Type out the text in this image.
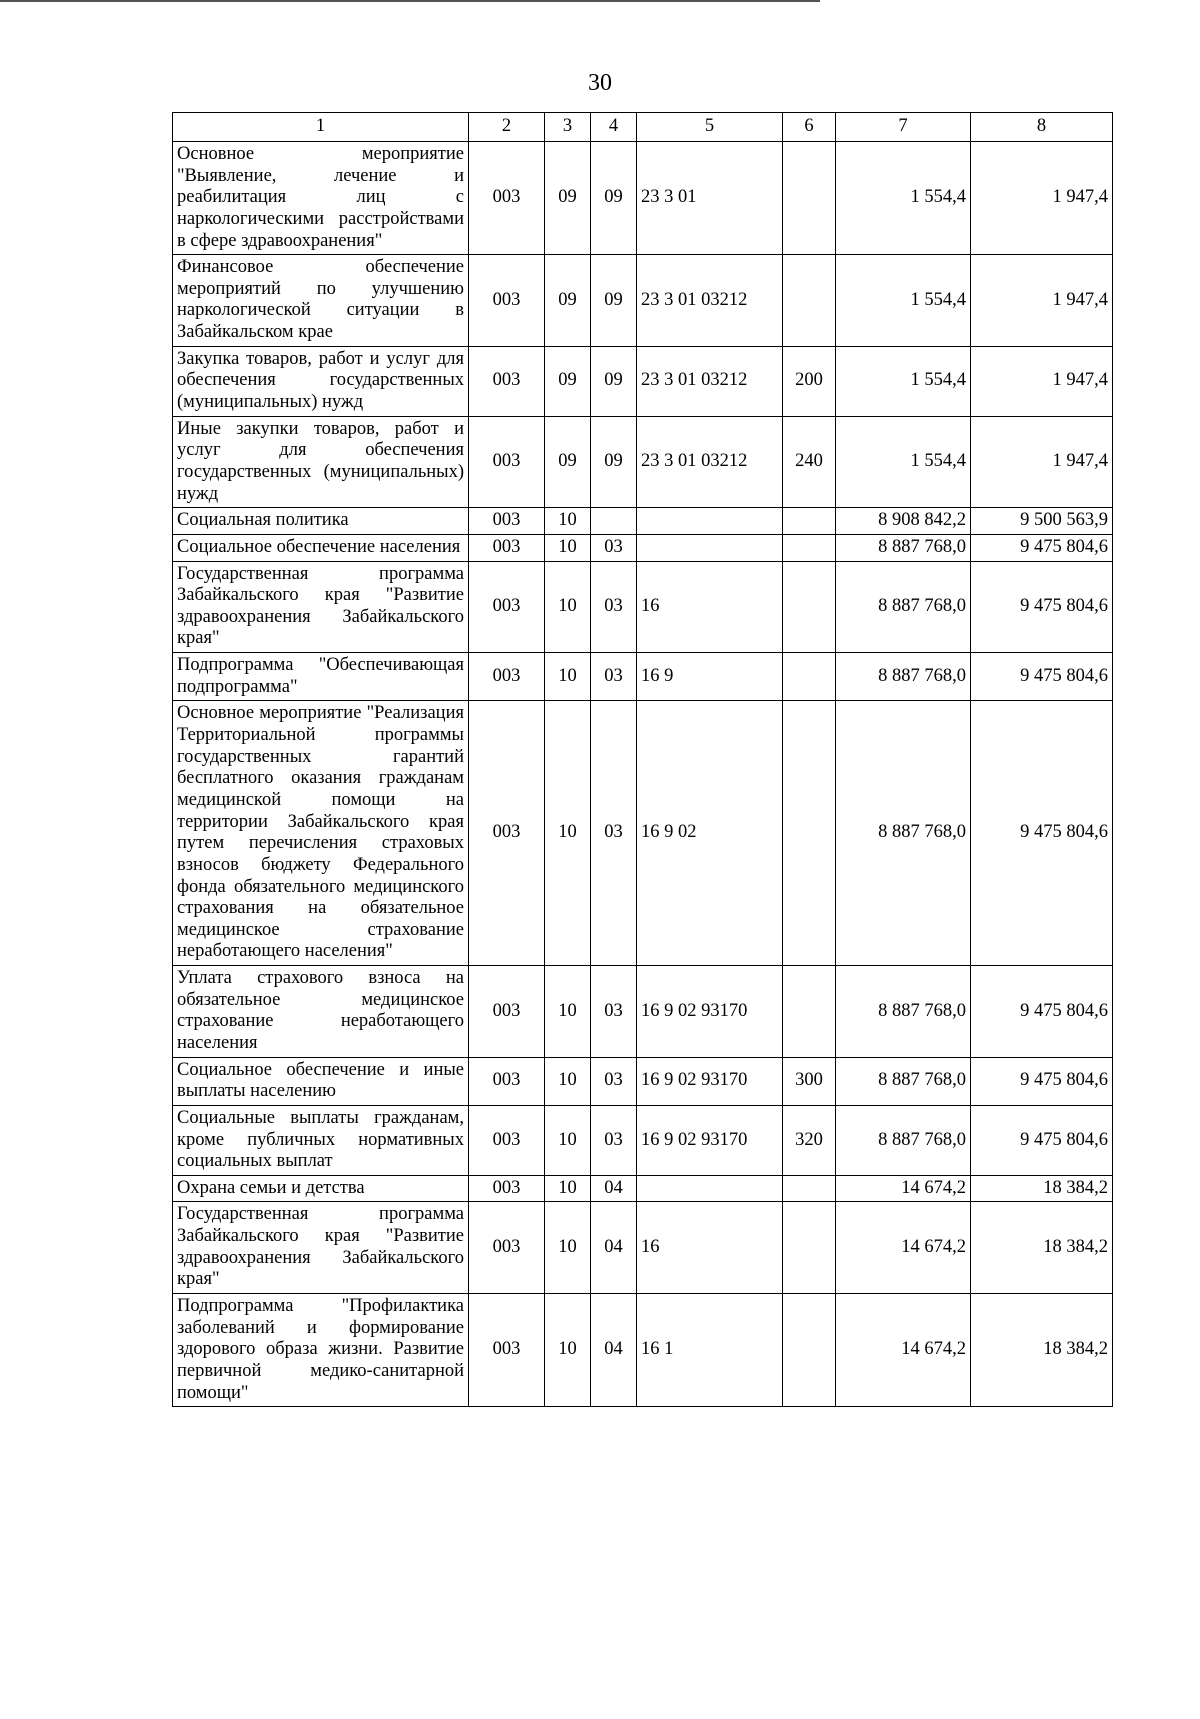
30
1	2	3	4	5	6	7	8
Основное мероприятие "Выявление, лечение и реабилитация лиц с наркологическими расстройствами в сфере здравоохранения"	003	09	09	23 3 01		1 554,4	1 947,4
Финансовое обеспечение мероприятий по улучшению наркологической ситуации в Забайкальском крае	003	09	09	23 3 01 03212		1 554,4	1 947,4
Закупка товаров, работ и услуг для обеспечения государственных (муниципальных) нужд	003	09	09	23 3 01 03212	200	1 554,4	1 947,4
Иные закупки товаров, работ и услуг для обеспечения государственных (муниципальных) нужд	003	09	09	23 3 01 03212	240	1 554,4	1 947,4
Социальная политика	003	10				8 908 842,2	9 500 563,9
Социальное обеспечение населения	003	10	03			8 887 768,0	9 475 804,6
Государственная программа Забайкальского края "Развитие здравоохранения Забайкальского края"	003	10	03	16		8 887 768,0	9 475 804,6
Подпрограмма "Обеспечивающая подпрограмма"	003	10	03	16 9		8 887 768,0	9 475 804,6
Основное мероприятие "Реализация Территориальной программы государственных гарантий бесплатного оказания гражданам медицинской помощи на территории Забайкальского края путем перечисления страховых взносов бюджету Федерального фонда обязательного медицинского страхования на обязательное медицинское страхование неработающего населения"	003	10	03	16 9 02		8 887 768,0	9 475 804,6
Уплата страхового взноса на обязательное медицинское страхование неработающего населения	003	10	03	16 9 02 93170		8 887 768,0	9 475 804,6
Социальное обеспечение и иные выплаты населению	003	10	03	16 9 02 93170	300	8 887 768,0	9 475 804,6
Социальные выплаты гражданам, кроме публичных нормативных социальных выплат	003	10	03	16 9 02 93170	320	8 887 768,0	9 475 804,6
Охрана семьи и детства	003	10	04			14 674,2	18 384,2
Государственная программа Забайкальского края "Развитие здравоохранения Забайкальского края"	003	10	04	16		14 674,2	18 384,2
Подпрограмма "Профилактика заболеваний и формирование здорового образа жизни. Развитие первичной медико-санитарной помощи"	003	10	04	16 1		14 674,2	18 384,2
